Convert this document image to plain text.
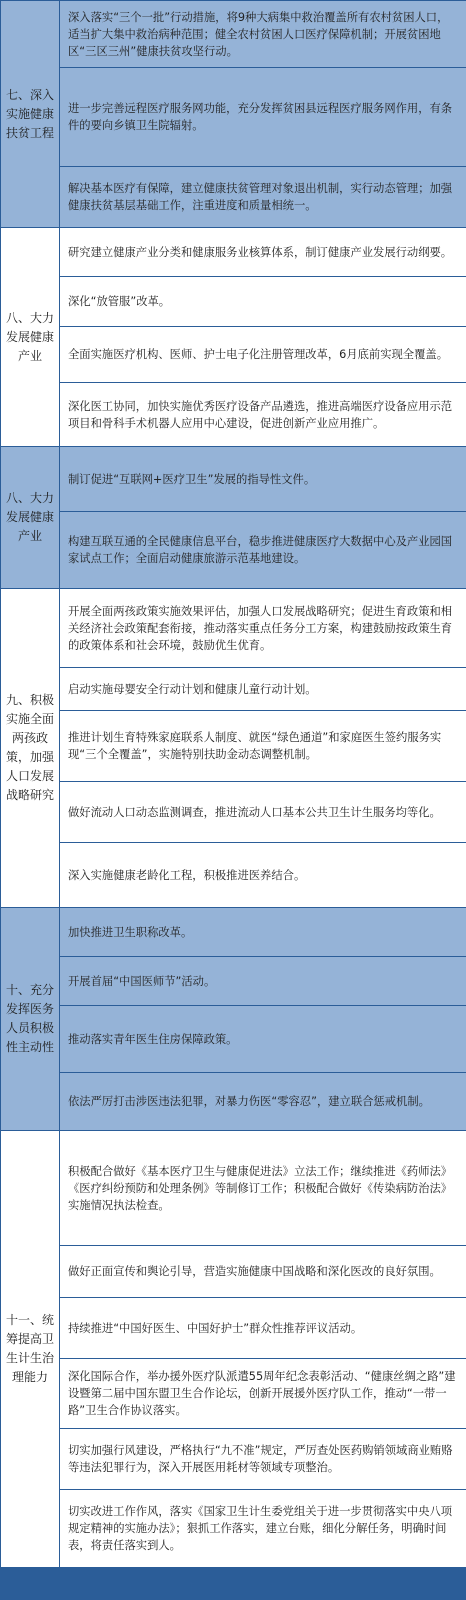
七、深入
实施健康
扶贫工程
深入落实“三个一批”行动措施，将9种大病集中救治覆盖所有农村贫困人口，适当扩大集中救治病种范围；健全农村贫困人口医疗保障机制；开展贫困地区“三区三州”健康扶贫攻坚行动。
进一步完善远程医疗服务网功能，充分发挥贫困县远程医疗服务网作用，有条件的要向乡镇卫生院辐射。
解决基本医疗有保障，建立健康扶贫管理对象退出机制，实行动态管理；加强健康扶贫基层基础工作，注重进度和质量相统一。
八、大力
发展健康
产业
研究建立健康产业分类和健康服务业核算体系，制订健康产业发展行动纲要。
深化“放管服”改革。
全面实施医疗机构、医师、护士电子化注册管理改革，6月底前实现全覆盖。
深化医工协同，加快实施优秀医疗设备产品遴选，推进高端医疗设备应用示范项目和骨科手术机器人应用中心建设，促进创新产业应用推广。
八、大力
发展健康
产业
制订促进“互联网+医疗卫生”发展的指导性文件。
构建互联互通的全民健康信息平台，稳步推进健康医疗大数据中心及产业园国家试点工作；全面启动健康旅游示范基地建设。
九、积极
实施全面
两孩政
策，加强
人口发展
战略研究
开展全面两孩政策实施效果评估，加强人口发展战略研究；促进生育政策和相关经济社会政策配套衔接，推动落实重点任务分工方案，构建鼓励按政策生育的政策体系和社会环境，鼓励优生优育。
启动实施母婴安全行动计划和健康儿童行动计划。
推进计划生育特殊家庭联系人制度、就医“绿色通道”和家庭医生签约服务实现“三个全覆盖”，实施特别扶助金动态调整机制。
做好流动人口动态监测调查，推进流动人口基本公共卫生计生服务均等化。
深入实施健康老龄化工程，积极推进医养结合。
十、充分
发挥医务
人员积极
性主动性
加快推进卫生职称改革。
开展首届“中国医师节”活动。
推动落实青年医生住房保障政策。
依法严厉打击涉医违法犯罪，对暴力伤医“零容忍”，建立联合惩戒机制。
十一、统
筹提高卫
生计生治
理能力
积极配合做好《基本医疗卫生与健康促进法》立法工作；继续推进《药师法》《医疗纠纷预防和处理条例》等制修订工作；积极配合做好《传染病防治法》实施情况执法检查。
做好正面宣传和舆论引导，营造实施健康中国战略和深化医改的良好氛围。
持续推进“中国好医生、中国好护士”群众性推荐评议活动。
深化国际合作，举办援外医疗队派遣55周年纪念表彰活动、“健康丝绸之路”建设暨第二届中国东盟卫生合作论坛，创新开展援外医疗队工作，推动“一带一路”卫生合作协议落实。
切实加强行风建设，严格执行“九不准”规定，严厉查处医药购销领域商业贿赂等违法犯罪行为，深入开展医用耗材等领域专项整治。
切实改进工作作风，落实《国家卫生计生委党组关于进一步贯彻落实中央八项规定精神的实施办法》；狠抓工作落实，建立台账，细化分解任务，明确时间表，将责任落实到人。
